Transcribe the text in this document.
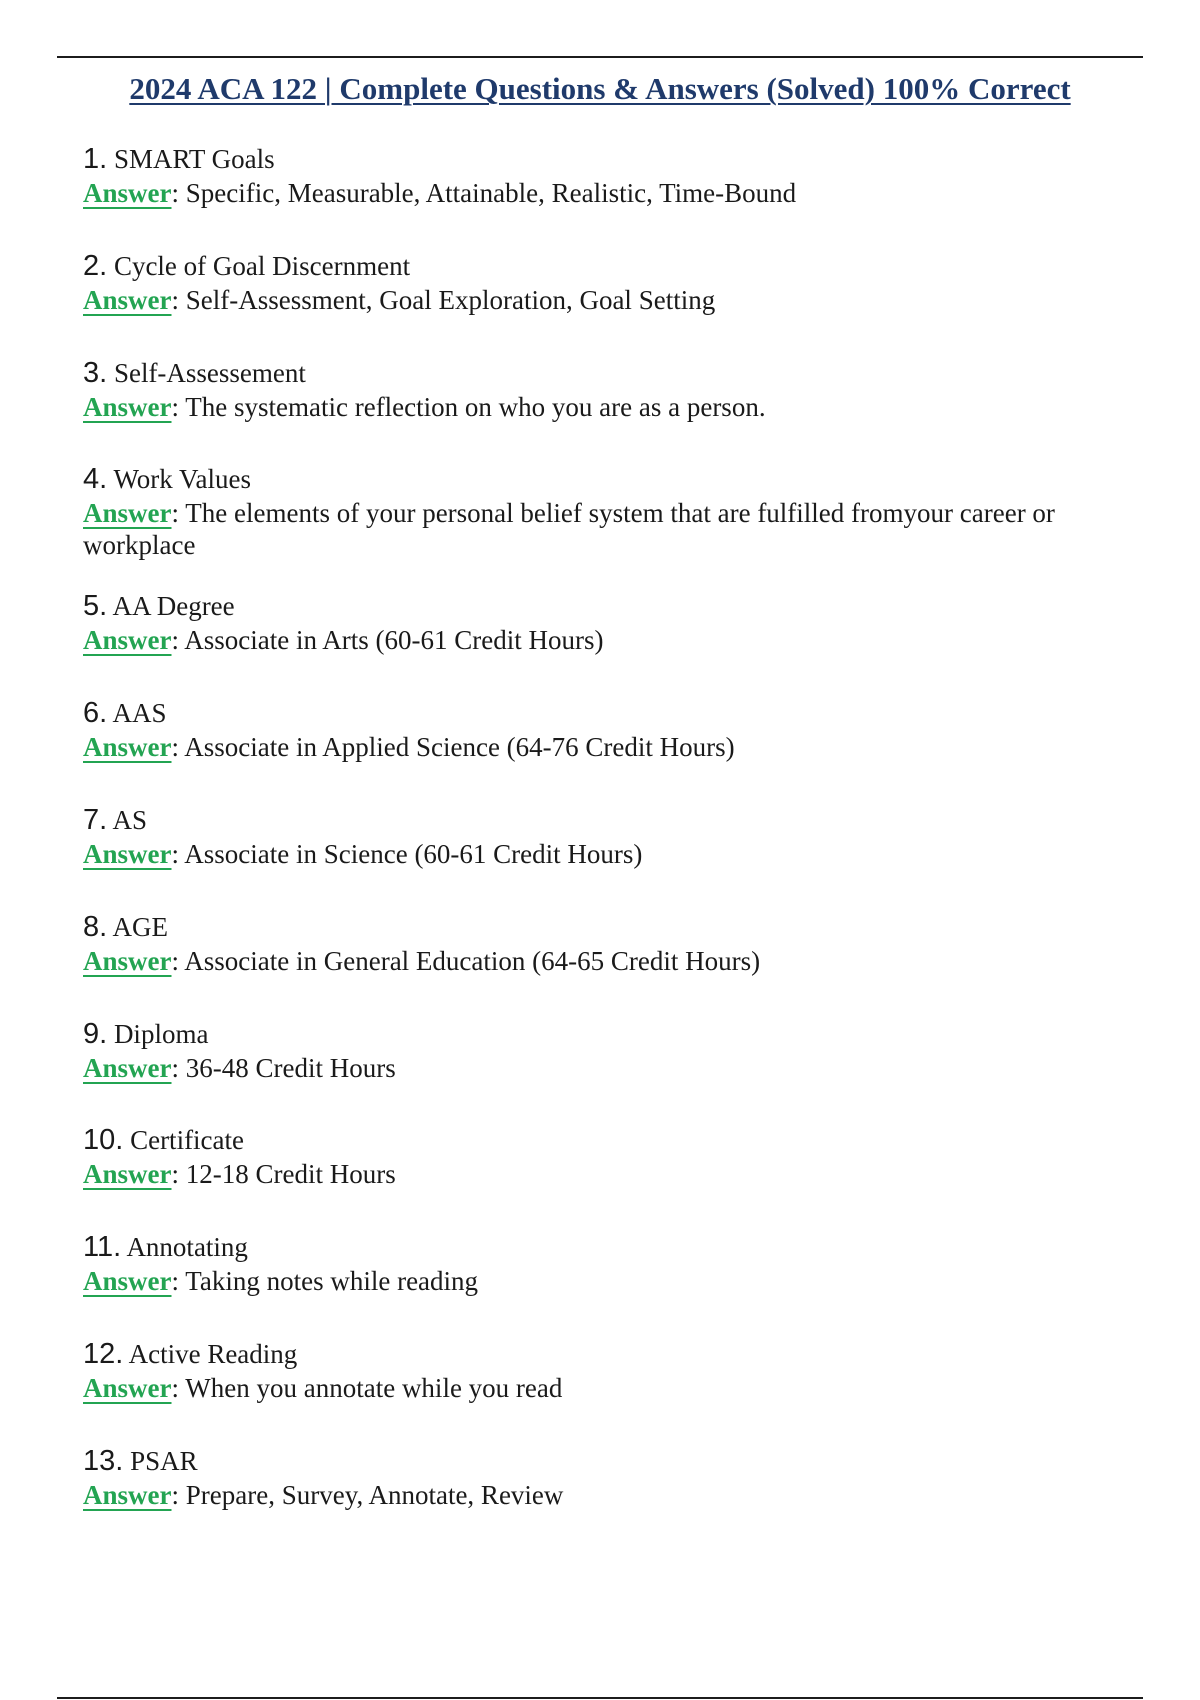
2024 ACA 122 | Complete Questions & Answers (Solved) 100% Correct
1. SMART Goals
Answer: Specific, Measurable, Attainable, Realistic, Time-Bound
2. Cycle of Goal Discernment
Answer: Self-Assessment, Goal Exploration, Goal Setting
3. Self-Assessement
Answer: The systematic reflection on who you are as a person.
4. Work Values
Answer: The elements of your personal belief system that are fulfilled fromyour career or workplace
5. AA Degree
Answer: Associate in Arts (60-61 Credit Hours)
6. AAS
Answer: Associate in Applied Science (64-76 Credit Hours)
7. AS
Answer: Associate in Science (60-61 Credit Hours)
8. AGE
Answer: Associate in General Education (64-65 Credit Hours)
9. Diploma
Answer: 36-48 Credit Hours
10. Certificate
Answer: 12-18 Credit Hours
11. Annotating
Answer: Taking notes while reading
12. Active Reading
Answer: When you annotate while you read
13. PSAR
Answer: Prepare, Survey, Annotate, Review
